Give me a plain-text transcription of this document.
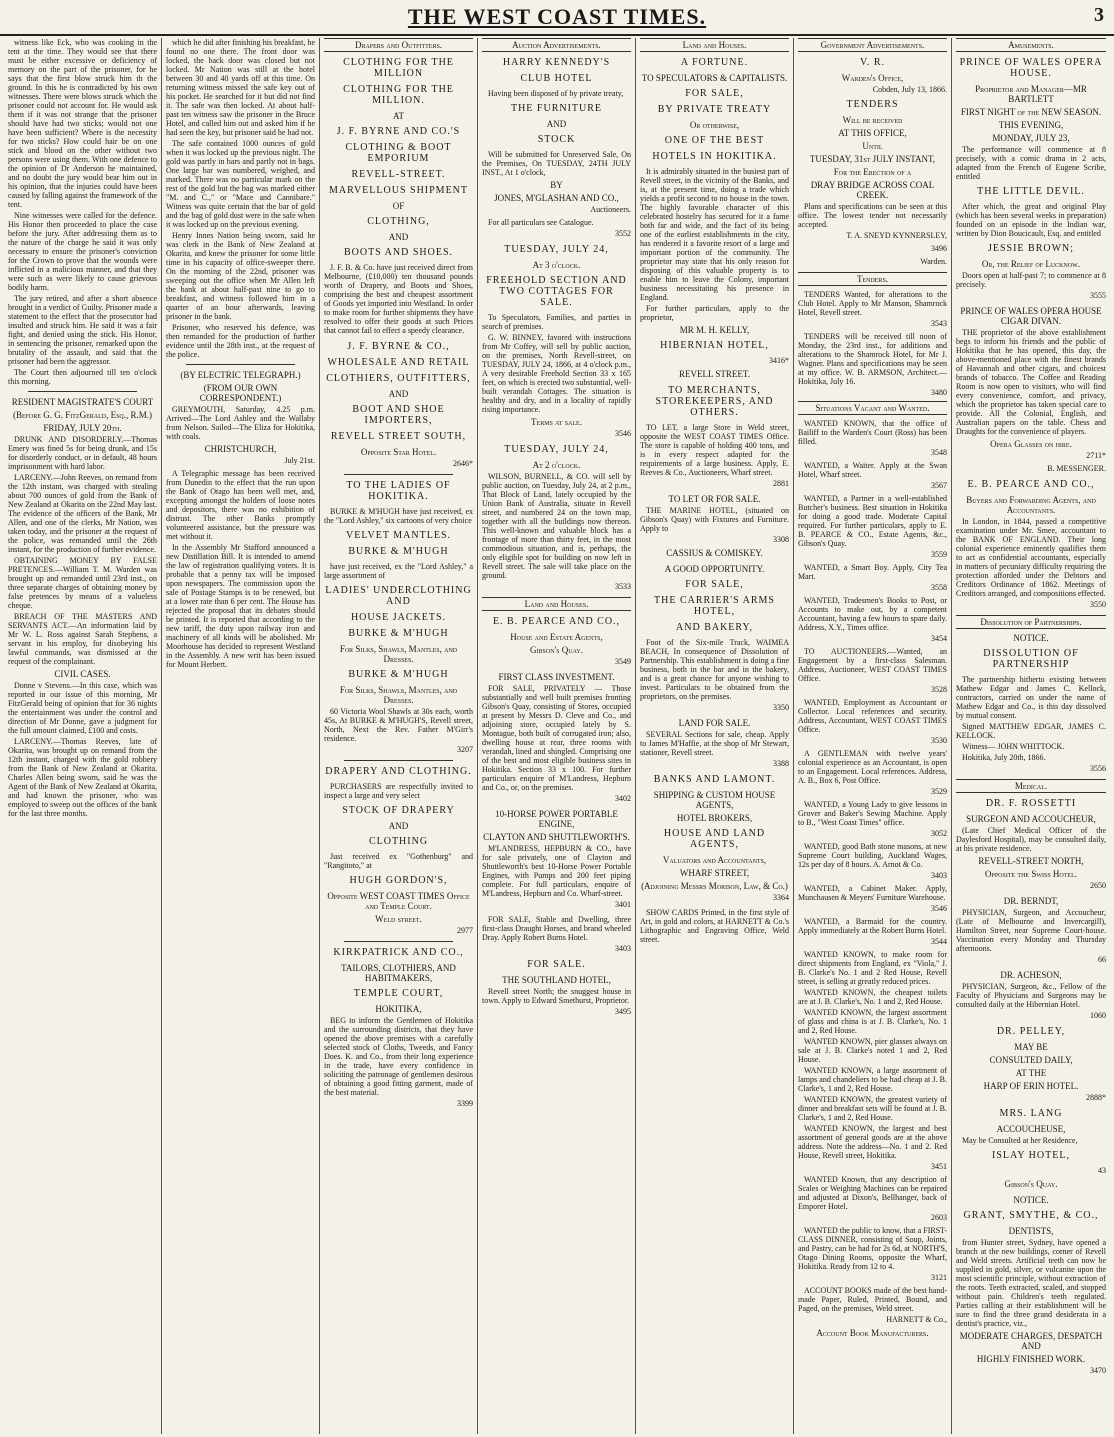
THE WEST COAST TIMES.	3

witness like Eck, who was cooking in the tent at the time. They would see that there must be either excessive or deficiency of memory on the part of the prisoner, for he says that the first blow struck him th the ground. In this he is contradicted by his own witnesses. There were blows struck which the prisoner could not account for. He would ask them if it was not strange that the prisoner should have had two sticks; would not one have been sufficient? Where is the necessity for two sticks? How could hair be on one stick and blood on the other without two persons were using them. With one defence to the opinion of Dr Anderson he maintained, and no doubt the jury would bear him out in his opinion, that the injuries could have been caused by falling against the framework of the tent.

Nine witnesses were called for the defence. His Honor then proceeded to place the case before the jury. After addressing them as to the nature of the charge he said it was only necessary to ensure the prisoner's conviction for the Crown to prove that the wounds were inflicted in a malicious manner, and that they were such as were likely to cause grievous bodily harm.

The jury retired, and after a short absence brought in a verdict of Guilty. Prisoner made a statement to the effect that the prosecutor had insulted and struck him. He said it was a fair fight, and denied using the stick. His Honor, in sentencing the prisoner, remarked upon the brutality of the assault, and said that the prisoner had been the aggressor.

The Court then adjourned till ten o'clock this morning.

RESIDENT MAGISTRATE'S COURT
(Before G. G. FitzGerald, Esq., R.M.)
FRIDAY, JULY 20th.

DRUNK AND DISORDERLY.—Thomas Emery was fined 5s for being drunk, and 15s for disorderly conduct, or in default, 48 hours imprisonment with hard labor.

LARCENY.—John Reeves, on remand from the 12th instant, was charged with stealing about 700 ounces of gold from the Bank of New Zealand at Okarita on the 22nd May last. The evidence of the officers of the Bank, Mr Allen, and one of the clerks, Mr Nation, was taken today, and the prisoner at the request of the police, was remanded until the 26th instant, for the production of further evidence.

OBTAINING MONEY BY FALSE PRETENCES.—William T. M. Warden was brought up and remanded until 23rd inst., on three separate charges of obtaining money by false pretences by means of a valueless cheque.

BREACH OF THE MASTERS AND SERVANTS ACT.—An information laid by Mr W. L. Ross against Sarah Stephens, a servant in his employ, for disobeying his lawful commands, was dismissed at the request of the complainant.

CIVIL CASES.

Donne v Stevens.—In this case, which was reported in our issue of this morning, Mr FitzGerald being of opinion that for 36 nights the entertainment was under the control and direction of Mr Donne, gave a judgment for the full amount claimed, £100 and costs.

LARCENY.—Thomas Reeves, late of Okarita, was brought up on remand from the 12th instant, charged with the gold robbery from the Bank of New Zealand at Okarita. Charles Allen being sworn, said he was the Agent of the Bank of New Zealand at Okarita, and had known the prisoner, who was employed to sweep out the offices of the bank for the last three months.

which he did after finishing his breakfast, he found no one there. The front door was locked, the back door was closed but not locked. Mr Nation was still at the hotel between 30 and 40 yards off at this time. On returning witness missed the safe key out of his pocket. He searched for it but did not find it. The safe was then locked. At about half-past ten witness saw the prisoner in the Bruce Hotel, and called him out and asked him if he had seen the key, but prisoner said he had not.

The safe contained 1000 ounces of gold when it was locked up the previous night. The gold was partly in bars and partly not in bags. One large bar was numbered, weighed, and marked. There was no particular mark on the rest of the gold but the bag was marked either "M. and C.," or "Mace and Cannibare." Witness was quite certain that the bar of gold and the bag of gold dust were in the safe when it was locked up on the previous evening.

Henry Innes Nation being sworn, said he was clerk in the Bank of New Zealand at Okarita, and knew the prisoner for some little time in his capacity of office-sweeper there. On the morning of the 22nd, prisoner was sweeping out the office when Mr Allen left the bank at about half-past nine to go to breakfast, and witness followed him in a quarter of an hour afterwards, leaving prisoner in the bank.

Prisoner, who reserved his defence, was then remanded for the production of further evidence until the 28th inst., at the request of the police.

(BY ELECTRIC TELEGRAPH.)
(FROM OUR OWN CORRESPONDENT.)

GREYMOUTH, Saturday, 4.25 p.m. Arrived—The Lord Ashley and the Wallaby from Nelson. Sailed—The Eliza for Hokitika, with coals.

CHRISTCHURCH,
July 21st.

A Telegraphic message has been received from Dunedin to the effect that the run upon the Bank of Otago has been well met, and, excepting amongst the holders of loose notes and depositors, there was no exhibition of distrust. The other Banks promptly volunteered assistance, but the pressure was met without it.

In the Assembly Mr Stafford announced a new Distillation Bill. It is intended to amend the law of registration qualifying voters. It is probable that a penny tax will be imposed upon newspapers. The commission upon the sale of Postage Stamps is to be renewed, but at a lower rate than 6 per cent. The House has rejected the proposal that its debates should be printed. It is reported that according to the new tariff, the duty upon railway iron and machinery of all kinds will be abolished. Mr Moorhouse has decided to represent Westland in the Assembly. A new writ has been issued for Mount Herbert.

Drapers and Outfitters.
CLOTHING FOR THE MILLION
CLOTHING FOR THE MILLION.
AT
J. F. BYRNE AND CO.'S
CLOTHING & BOOT EMPORIUM
REVELL-STREET.
MARVELLOUS SHIPMENT
OF
CLOTHING,
AND
BOOTS AND SHOES.

J. F. B. & Co. have just received direct from Melbourne, (£10,000) ten thousand pounds worth of Drapery, and Boots and Shoes, comprising the best and cheapest assortment of Goods yet imported into Westland. In order to make room for further shipments they have resolved to offer their goods at such Prices that cannot fail to effect a speedy clearance.

J. F. BYRNE & CO.,
WHOLESALE AND RETAIL
CLOTHIERS, OUTFITTERS,
AND
BOOT AND SHOE IMPORTERS,
REVELL STREET SOUTH,
Opposite Star Hotel.
2646*
TO THE LADIES OF HOKITIKA.

BURKE & M'HUGH have just received, ex the "Lord Ashley," six cartoons of very choice

VELVET MANTLES.
BURKE & M'HUGH

have just received, ex the "Lord Ashley," a large assortment of

LADIES' UNDERCLOTHING AND
HOUSE JACKETS.
BURKE & M'HUGH
For Silks, Shawls, Mantles, and Dresses.
BURKE & M'HUGH
For Silks, Shawls, Mantles, and Dresses.

60 Victoria Wool Shawls at 30s each, worth 45s, At BURKE & M'HUGH'S, Revell street, North, Next the Rev. Father M'Girr's residence.

3207
DRAPERY AND CLOTHING.

PURCHASERS are respectfully invited to inspect a large and very select

STOCK OF DRAPERY
AND
CLOTHING

Just received ex "Gothenburg" and "Rangitoto," at

HUGH GORDON'S,
Opposite WEST COAST TIMES Office and Temple Court.
Weld street.
2977
KIRKPATRICK AND CO.,
TAILORS, CLOTHIERS, AND HABITMAKERS,
TEMPLE COURT,
HOKITIKA,

BEG to inform the Gentlemen of Hokitika and the surrounding districts, that they have opened the above premises with a carefully selected stock of Cloths, Tweeds, and Fancy Does. K. and Co., from their long experience in the trade, have every confidence in soliciting the patronage of gentlemen desirous of obtaining a good fitting garment, made of the best material.

3399
Auction Advertisements.
HARRY KENNEDY'S
CLUB HOTEL

Having been disposed of by private treaty,

THE FURNITURE
AND
STOCK

Will be submitted for Unreserved Sale, On the Premises, On TUESDAY, 24TH JULY INST., At 1 o'clock,

BY
JONES, M'GLASHAN AND CO.,
Auctioneers.

For all particulars see Catalogue.

3552
TUESDAY, JULY 24,
At 3 o'clock.
FREEHOLD SECTION AND TWO COTTAGES FOR SALE.

To Speculators, Families, and parties in search of premises.

G. W. BINNEY, favored with instructions from Mr Coffey, will sell by public auction, on the premises, North Revell-street, on TUESDAY, JULY 24, 1866, at 4 o'clock p.m., A very desirable Freehold Section 33 x 165 feet, on which is erected two substantial, well-built verandah Cottages. The situation is healthy and dry, and in a locality of rapidly rising importance.

Terms at sale.
3546
TUESDAY, JULY 24,
At 2 o'clock.

WILSON, BURNELL, & CO. will sell by public auction, on Tuesday, July 24, at 2 p.m., That Block of Land, lately occupied by the Union Bank of Australia, situate in Revell street, and numbered 24 on the town map, together with all the buildings now thereon. This well-known and valuable block has a frontage of more than thirty feet, in the most commodious situation, and is, perhaps, the only eligible spot for building on now left in Revell street. The sale will take place on the ground.

3533
Land and Houses.
E. B. PEARCE AND CO.,
House and Estate Agents,
Gibson's Quay.
3549
FIRST CLASS INVESTMENT.

FOR SALE, PRIVATELY — Those substantially and well built premises fronting Gibson's Quay, consisting of Stores, occupied at present by Messrs D. Cleve and Co., and adjoining store, occupied lately by S. Montague, both built of corrugated iron; also, dwelling house at rear, three rooms with verandah, lined and shingled. Comprising one of the best and most eligible business sites in Hokitika. Section 33 x 100. For further particulars enquire of M'Landress, Hepburn and Co., or, on the premises.

3402
10-HORSE POWER PORTABLE ENGINE,
CLAYTON AND SHUTTLEWORTH'S.

M'LANDRESS, HEPBURN & CO., have for sale privately, one of Clayton and Shuttleworth's best 10-Horse Power Portable Engines, with Pumps and 200 feet piping complete. For full particulars, enquire of M'Landress, Hepburn and Co. Wharf-street.

3401

FOR SALE, Stable and Dwelling, three first-class Draught Horses, and brand wheeled Dray. Apply Robert Burns Hotel.

3403
FOR SALE.
THE SOUTHLAND HOTEL,

Revell street North; the snuggest house in town. Apply to Edward Smethurst, Proprietor.

3495
Land and Houses.
A FORTUNE.
TO SPECULATORS & CAPITALISTS.
FOR SALE,
BY PRIVATE TREATY
Or otherwise,
ONE OF THE BEST
HOTELS IN HOKITIKA.

It is admirably situated in the busiest part of Revell street, in the vicinity of the Banks, and is, at the present time, doing a trade which yields a profit second to no house in the town. The highly favorable character of this celebrated hostelry has secured for it a fame both far and wide, and the fact of its being one of the earliest establishments in the city, has rendered it a favorite resort of a large and important portion of the community. The proprietor may state that his only reason for disposing of this valuable property is to enable him to leave the Colony, important business necessitating his presence in England.

For further particulars, apply to the proprietor,

MR M. H. KELLY,
HIBERNIAN HOTEL,
3416*
REVELL STREET.
TO MERCHANTS, STOREKEEPERS, AND OTHERS.

TO LET, a large Store in Weld street, opposite the WEST COAST TIMES Office. The store is capable of holding 400 tons, and is in every respect adapted for the requirements of a large business. Apply, E. Reeves & Co., Auctioneers, Wharf street.

2881
TO LET OR FOR SALE.

THE MARINE HOTEL, (situated on Gibson's Quay) with Fixtures and Furniture. Apply to

3308
CASSIUS & COMISKEY.
A GOOD OPPORTUNITY.
FOR SALE,
THE CARRIER'S ARMS HOTEL,
AND BAKERY,

Foot of the Six-mile Track, WAIMEA BEACH, In consequence of Dissolution of Partnership. This establishment is doing a fine business, both in the bar and in the bakery, and is a great chance for anyone wishing to invest. Particulars to be obtained from the proprietors, on the premises.

3350
LAND FOR SALE.

SEVERAL Sections for sale, cheap. Apply to James M'Haffie, at the shop of Mr Stewart, stationer, Revell street.

3388
BANKS AND LAMONT.
SHIPPING & CUSTOM HOUSE AGENTS,
HOTEL BROKERS,
HOUSE AND LAND AGENTS,
Valuators and Accountants,
WHARF STREET,
(Adjoining Messrs Morison, Law, & Co.)
3364

SHOW CARDS Printed, in the first style of Art, in gold and colors, at HARNETT & Co.'s Lithographic and Engraving Office, Weld street.

Government Advertisements.
V. R.
Warden's Office,
Cobden, July 13, 1866.
TENDERS
Will be received
AT THIS OFFICE,
Until
TUESDAY, 31st JULY INSTANT,
For the Erection of a
DRAY BRIDGE ACROSS COAL CREEK.

Plans and specifications can be seen at this office. The lowest tender not necessarily accepted.

T. A. SNEYD KYNNERSLEY,
3496
Warden.
Tenders.

TENDERS Wanted, for alterations to the Club Hotel. Apply to Mr Manson, Shamrock Hotel, Revell street.

3543

TENDERS will be received till noon of Monday, the 23rd inst., for additions and alterations to the Shamrock Hotel, for Mr J. Wagner. Plans and specifications may be seen at my office. W. B. ARMSON, Architect.—Hokitika, July 16.

3480
Situations Vacant and Wanted.

WANTED KNOWN, that the office of Bailiff to the Warden's Court (Ross) has been filled.

3548

WANTED, a Waiter. Apply at the Swan Hotel, Wharf street.

3567

WANTED, a Partner in a well-established Butcher's business. Best situation in Hokitika for doing a good trade. Moderate Capital required. For further particulars, apply to E. B. PEARCE & CO., Estate Agents, &c., Gibson's Quay.

3559

WANTED, a Smart Boy. Apply, City Tea Mart.

3558

WANTED, Tradesmen's Books to Post, or Accounts to make out, by a competent Accountant, having a few hours to spare daily. Address, X.Y., Times office.

3454

TO AUCTIONEERS.—Wanted, an Engagement by a first-class Salesman. Address, Auctioneer, WEST COAST TIMES Office.

3528

WANTED, Employment as Accountant or Collector. Local references and security. Address, Accountant, WEST COAST TIMES Office.

3530

A GENTLEMAN with twelve years' colonial experience as an Accountant, is open to an Engagement. Local references. Address, A. B., Box 6, Post Office.

3529

WANTED, a Young Lady to give lessons in Grover and Baker's Sewing Machine. Apply to B., "West Coast Times" office.

3052

WANTED, good Bath stone masons, at new Supreme Court building, Auckland Wages, 12s per day of 8 hours. A. Arnot & Co.

3403

WANTED, a Cabinet Maker. Apply, Munchausen & Meyers' Furniture Warehouse.

3546

WANTED, a Barmaid for the country. Apply immediately at the Robert Burns Hotel.

3544

WANTED KNOWN, to make room for direct shipments from England, ex "Viola," J. B. Clarke's No. 1 and 2 Red House, Revell street, is selling at greatly reduced prices.

WANTED KNOWN, the cheapest toilets are at J. B. Clarke's, No. 1 and 2, Red House.

WANTED KNOWN, the largest assortment of glass and china is at J. B. Clarke's, No. 1 and 2, Red House.

WANTED KNOWN, pier glasses always on sale at J. B. Clarke's noted 1 and 2, Red House.

WANTED KNOWN, a large assortment of lamps and chandeliers to be had cheap at J. B. Clarke's, 1 and 2, Red House.

WANTED KNOWN, the greatest variety of dinner and breakfast sets will be found at J. B. Clarke's, 1 and 2, Red House.

WANTED KNOWN, the largest and best assortment of general goods are at the above address. Note the address—No. 1 and 2. Red House, Revell street, Hokitika.

3451

WANTED Known, that any description of Scales or Weighing Machines can be repaired and adjusted at Dixon's, Bellhanger, back of Emporer Hotel.

2603

WANTED the public to know, that a FIRST-CLASS DINNER, consisting of Soup, Joints, and Pastry, can be had for 2s 6d, at NORTH'S, Otago Dining Rooms, opposite the Wharf, Hokitika. Ready from 12 to 4.

3121

ACCOUNT BOOKS made of the best hand-made Paper, Ruled, Printed, Bound, and Paged, on the premises, Weld street.

HARNETT & Co.,
Account Book Manufacturers.
Amusements.
PRINCE OF WALES OPERA HOUSE.
Proprietor and Manager—MR BARTLETT
FIRST NIGHT of the NEW SEASON.
THIS EVENING,
MONDAY, JULY 23,

The performance will commence at 8 precisely, with a comic drama in 2 acts, adapted from the French of Eugene Scribe, entitled

THE LITTLE DEVIL.

After which, the great and original Play (which has been several weeks in preparation) founded on an episode in the Indian war, written by Dion Boucicault, Esq. and entitled

JESSIE BROWN;
Or, the Relief of Lucknow.

Doors open at half-past 7; to commence at 8 precisely.

3555
PRINCE OF WALES OPERA HOUSE CIGAR DIVAN.

THE proprietor of the above establishment begs to inform his friends and the public of Hokitika that he has opened, this day, the above-mentioned place with the finest brands of Havannah and other cigars, and choicest brands of tobacco. The Coffee and Reading Room is now open to visitors, who will find every convenience, comfort, and privacy, which the proprietor has taken special care to provide. All the Colonial, English, and Australian papers on the table. Chess and Draughts for the convenience of players.

Opera Glasses on hire.
2711*
B. MESSENGER.
E. B. PEARCE AND CO.,
Buyers and Forwarding Agents, and Accountants.

In London, in 1844, passed a competitive examination under Mr. Smee, accountant to the BANK OF ENGLAND. Their long colonial experience eminently qualifies them to act as confidential accountants, especially in matters of pecuniary difficulty requiring the protection afforded under the Debtors and Creditors Ordinance of 1862. Meetings of Creditors arranged, and compositions effected.

3550
Dissolution of Partnerships.
NOTICE.
DISSOLUTION OF PARTNERSHIP

The partnership hitherto existing between Mathew Edgar and James C. Kellock, contractors, carried on under the name of Mathew Edgar and Co., is this day dissolved by mutual consent.

Signed MATTHEW EDGAR, JAMES C. KELLOCK.

Witness— JOHN WHITTOCK.

Hokitika, July 20th, 1866.

3556
Medical.
DR. F. ROSSETTI
SURGEON AND ACCOUCHEUR,

(Late Chief Medical Officer of the Daylesford Hospital), may be consulted daily, at his private residence.

REVELL-STREET NORTH,
Opposite the Swiss Hotel.
2650
DR. BERNDT,

PHYSICIAN, Surgeon, and Accoucheur, (Late of Melbourne and Invercargill), Hamilton Street, near Supreme Court-house. Vaccination every Monday and Thursday afternoons.

66
DR. ACHESON,

PHYSICIAN, Surgeon, &c., Fellow of the Faculty of Physicians and Surgeons may be consulted daily at the Hibernian Hotel.

1060
DR. PELLEY,
MAY BE
CONSULTED DAILY,
AT THE
HARP OF ERIN HOTEL.
2888*
MRS. LANG
ACCOUCHEUSE,

May be Consulted at her Residence,

ISLAY HOTEL,
43
Gibson's Quay.
NOTICE.
GRANT, SMYTHE, & CO.,
DENTISTS,

from Hunter street, Sydney, have opened a branch at the new buildings, corner of Revell and Weld streets. Artificial teeth can now be supplied in gold, silver, or vulcanite upon the most scientific principle, without extraction of the roots. Teeth extracted, scaled, and stopped without pain. Children's teeth regulated. Parties calling at their establishment will be sure to find the three grand desiderata in a dentist's practice, viz.,

MODERATE CHARGES, DESPATCH AND
HIGHLY FINISHED WORK.
3470
